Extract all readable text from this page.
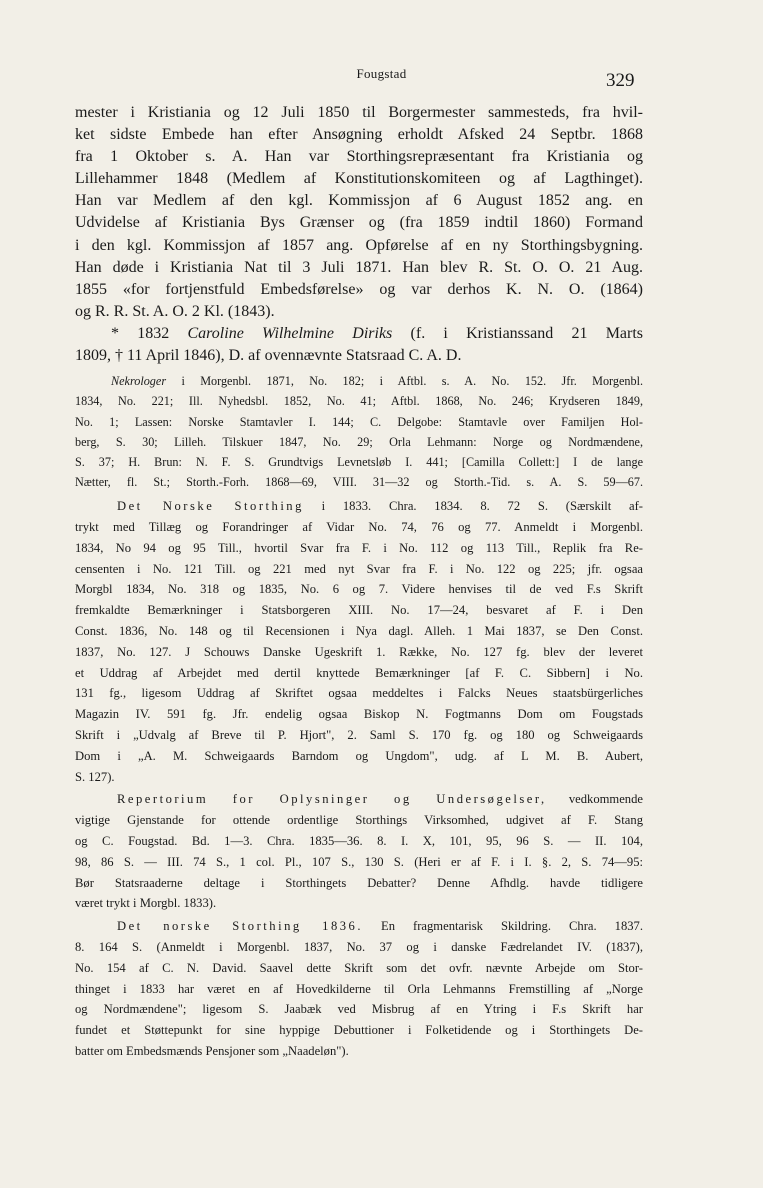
Fougstad	329
mester i Kristiania og 12 Juli 1850 til Borgermester sammesteds, fra hvil-
ket sidste Embede han efter Ansøgning erholdt Afsked 24 Septbr. 1868
fra 1 Oktober s. A. Han var Storthingsrepræsentant fra Kristiania og
Lillehammer 1848 (Medlem af Konstitutionskomiteen og af Lagthinget).
Han var Medlem af den kgl. Kommissjon af 6 August 1852 ang. en
Udvidelse af Kristiania Bys Grænser og (fra 1859 indtil 1860) Formand
i den kgl. Kommissjon af 1857 ang. Opførelse af en ny Storthingsbygning.
Han døde i Kristiania Nat til 3 Juli 1871. Han blev R. St. O. O. 21 Aug.
1855 «for fortjenstfuld Embedsførelse» og var derhos K. N. O. (1864)
og R. R. St. A. O. 2 Kl. (1843).
* 1832 Caroline Wilhelmine Diriks (f. i Kristianssand 21 Marts
1809, † 11 April 1846), D. af ovennævnte Statsraad C. A. D.
Nekrologer i Morgenbl. 1871, No. 182; i Aftbl. s. A. No. 152. Jfr. Morgenbl.
1834, No. 221; Ill. Nyhedsbl. 1852, No. 41; Aftbl. 1868, No. 246; Krydseren 1849,
No. 1; Lassen: Norske Stamtavler I. 144; C. Delgobe: Stamtavle over Familjen Hol-
berg, S. 30; Lilleh. Tilskuer 1847, No. 29; Orla Lehmann: Norge og Nordmændene,
S. 37; H. Brun: N. F. S. Grundtvigs Levnetsløb I. 441; [Camilla Collett:] I de lange
Nætter, fl. St.; Storth.-Forh. 1868—69, VIII. 31—32 og Storth.-Tid. s. A. S. 59—67.
Det Norske Storthing i 1833. Chra. 1834. 8. 72 S. (Særskilt af-
trykt med Tillæg og Forandringer af Vidar No. 74, 76 og 77. Anmeldt i Morgenbl.
1834, No 94 og 95 Till., hvortil Svar fra F. i No. 112 og 113 Till., Replik fra Re-
censenten i No. 121 Till. og 221 med nyt Svar fra F. i No. 122 og 225; jfr. ogsaa
Morgbl 1834, No. 318 og 1835, No. 6 og 7. Videre henvises til de ved F.s Skrift
fremkaldte Bemærkninger i Statsborgeren XIII. No. 17—24, besvaret af F. i Den
Const. 1836, No. 148 og til Recensionen i Nya dagl. Alleh. 1 Mai 1837, se Den Const.
1837, No. 127. J Schouws Danske Ugeskrift 1. Række, No. 127 fg. blev der leveret
et Uddrag af Arbejdet med dertil knyttede Bemærkninger [af F. C. Sibbern] i No.
131 fg., ligesom Uddrag af Skriftet ogsaa meddeltes i Falcks Neues staatsbürgerliches
Magazin IV. 591 fg. Jfr. endelig ogsaa Biskop N. Fogtmanns Dom om Fougstads
Skrift i „Udvalg af Breve til P. Hjort", 2. Saml S. 170 fg. og 180 og Schweigaards
Dom i „A. M. Schweigaards Barndom og Ungdom", udg. af L M. B. Aubert,
S. 127).
Repertorium for Oplysninger og Undersøgelser, vedkommende
vigtige Gjenstande for ottende ordentlige Storthings Virksomhed, udgivet af F. Stang
og C. Fougstad. Bd. 1—3. Chra. 1835—36. 8. I. X, 101, 95, 96 S. — II. 104,
98, 86 S. — III. 74 S., 1 col. Pl., 107 S., 130 S. (Heri er af F. i I. §. 2, S. 74—95:
Bør Statsraaderne deltage i Storthingets Debatter? Denne Afhdlg. havde tidligere
været trykt i Morgbl. 1833).
Det norske Storthing 1836. En fragmentarisk Skildring. Chra. 1837.
8. 164 S. (Anmeldt i Morgenbl. 1837, No. 37 og i danske Fædrelandet IV. (1837),
No. 154 af C. N. David. Saavel dette Skrift som det ovfr. nævnte Arbejde om Stor-
thinget i 1833 har været en af Hovedkilderne til Orla Lehmanns Fremstilling af „Norge
og Nordmændene"; ligesom S. Jaabæk ved Misbrug af en Ytring i F.s Skrift har
fundet et Støttepunkt for sine hyppige Debuttioner i Folketidende og i Storthingets De-
batter om Embedsmænds Pensjoner som „Naadeløn").
